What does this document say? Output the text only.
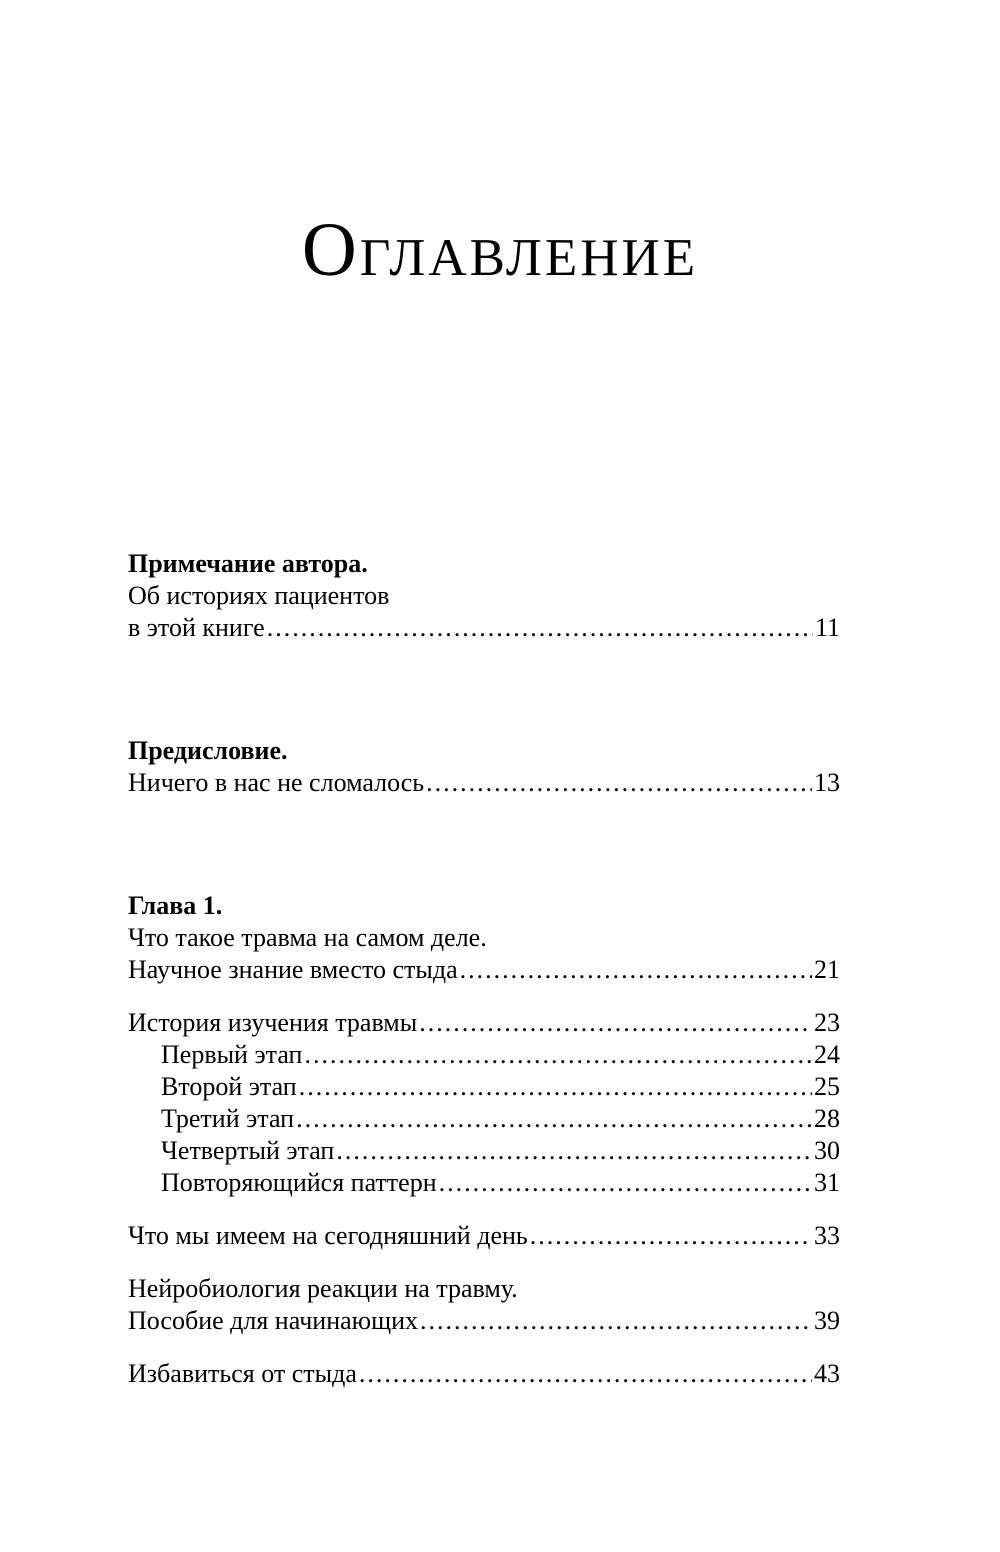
Оглавление
Примечание автора.
Об историях пациентов
в этой книге .....	11
Предисловие.
Ничего в нас не сломалось .....	13
Глава 1.
Что такое травма на самом деле.
Научное знание вместо стыда .....	21
История изучения травмы .....	23
Первый этап .....	24
Второй этап .....	25
Третий этап .....	28
Четвертый этап .....	30
Повторяющийся паттерн .....	31
Что мы имеем на сегодняшний день .....	33
Нейробиология реакции на травму.
Пособие для начинающих .....	39
Избавиться от стыда .....	43
